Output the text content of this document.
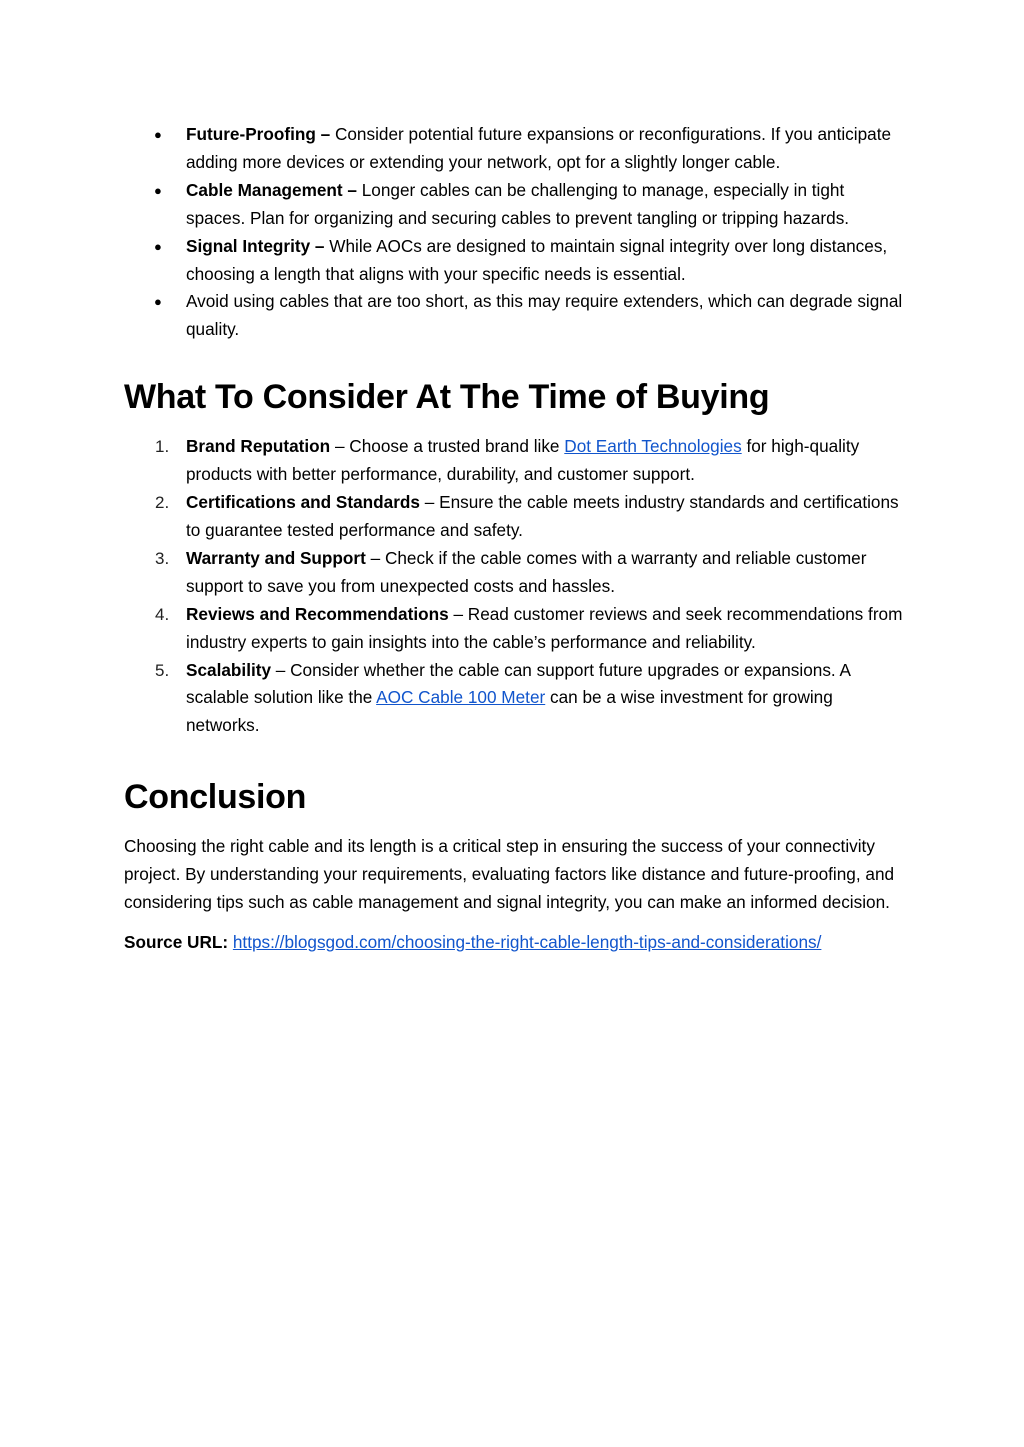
● Future-Proofing – Consider potential future expansions or reconfigurations. If you anticipate adding more devices or extending your network, opt for a slightly longer cable.
● Cable Management – Longer cables can be challenging to manage, especially in tight spaces. Plan for organizing and securing cables to prevent tangling or tripping hazards.
● Signal Integrity – While AOCs are designed to maintain signal integrity over long distances, choosing a length that aligns with your specific needs is essential.
● Avoid using cables that are too short, as this may require extenders, which can degrade signal quality.
What To Consider At The Time of Buying
1. Brand Reputation – Choose a trusted brand like Dot Earth Technologies for high-quality products with better performance, durability, and customer support.
2. Certifications and Standards – Ensure the cable meets industry standards and certifications to guarantee tested performance and safety.
3. Warranty and Support – Check if the cable comes with a warranty and reliable customer support to save you from unexpected costs and hassles.
4. Reviews and Recommendations – Read customer reviews and seek recommendations from industry experts to gain insights into the cable’s performance and reliability.
5. Scalability – Consider whether the cable can support future upgrades or expansions. A scalable solution like the AOC Cable 100 Meter can be a wise investment for growing networks.
Conclusion

Choosing the right cable and its length is a critical step in ensuring the success of your connectivity project. By understanding your requirements, evaluating factors like distance and future-proofing, and considering tips such as cable management and signal integrity, you can make an informed decision.

Source URL: https://blogsgod.com/choosing-the-right-cable-length-tips-and-considerations/
